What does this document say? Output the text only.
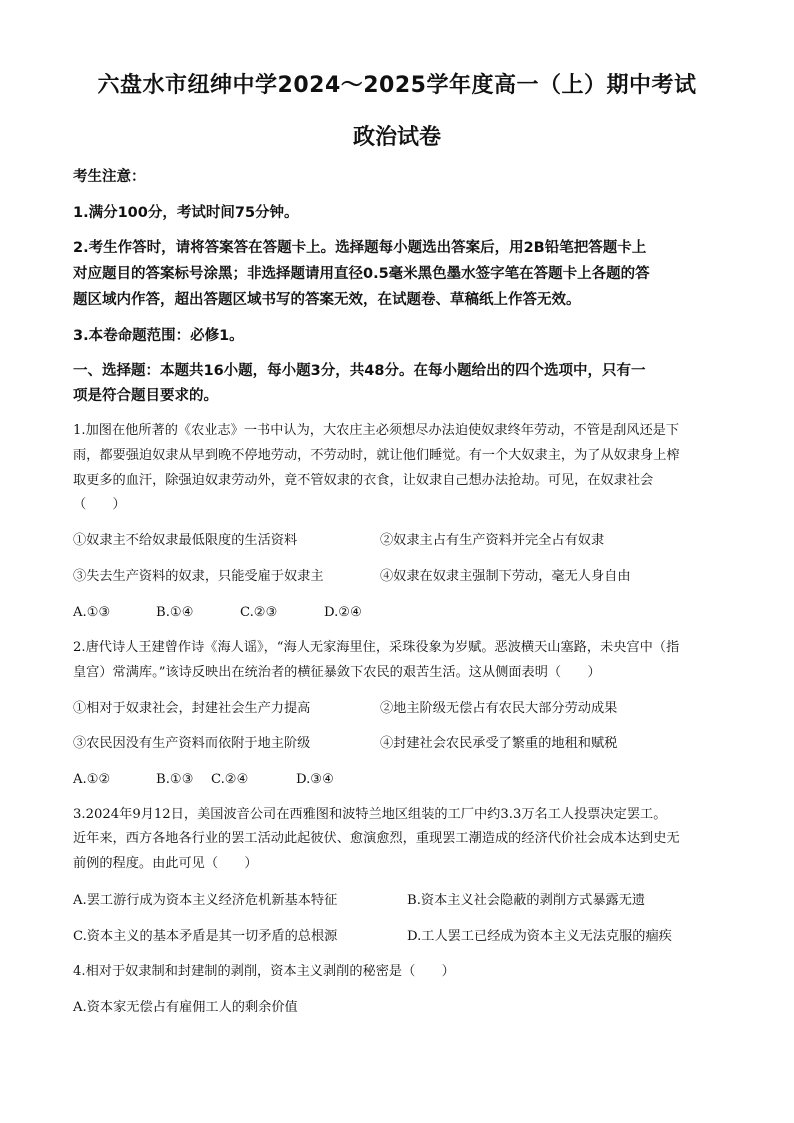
六盘水市纽绅中学2024～2025学年度高一（上）期中考试
政治试卷
考生注意：
1.满分100分，考试时间75分钟。
2.考生作答时，请将答案答在答题卡上。选择题每小题选出答案后，用2B铅笔把答题卡上
对应题目的答案标号涂黑；非选择题请用直径0.5毫米黑色墨水签字笔在答题卡上各题的答
题区域内作答，超出答题区域书写的答案无效，在试题卷、草稿纸上作答无效。
3.本卷命题范围：必修1。
一、选择题：本题共16小题，每小题3分，共48分。在每小题给出的四个选项中，只有一
项是符合题目要求的。
1.加图在他所著的《农业志》一书中认为，大农庄主必须想尽办法迫使奴隶终年劳动，不管是刮风还是下
雨，都要强迫奴隶从早到晚不停地劳动，不劳动时，就让他们睡觉。有一个大奴隶主，为了从奴隶身上榨
取更多的血汗，除强迫奴隶劳动外，竟不管奴隶的衣食，让奴隶自己想办法抢劫。可见，在奴隶社会
（　　）
①奴隶主不给奴隶最低限度的生活资料	②奴隶主占有生产资料并完全占有奴隶
③失去生产资料的奴隶，只能受雇于奴隶主	④奴隶在奴隶主强制下劳动，毫无人身自由
A.①③	B.①④	C.②③	D.②④
2.唐代诗人王建曾作诗《海人谣》，“海人无家海里住，采珠役象为岁赋。恶波横天山塞路，未央宫中（指
皇宫）常满库。”该诗反映出在统治者的横征暴敛下农民的艰苦生活。这从侧面表明（　　）
①相对于奴隶社会，封建社会生产力提高	②地主阶级无偿占有农民大部分劳动成果
③农民因没有生产资料而依附于地主阶级	④封建社会农民承受了繁重的地租和赋税
A.①②	B.①③ C.②④	D.③④
3.2024年9月12日，美国波音公司在西雅图和波特兰地区组装的工厂中约3.3万名工人投票决定罢工。
近年来，西方各地各行业的罢工活动此起彼伏、愈演愈烈，重现罢工潮造成的经济代价社会成本达到史无
前例的程度。由此可见（　　）
A.罢工游行成为资本主义经济危机新基本特征	B.资本主义社会隐蔽的剥削方式暴露无遗
C.资本主义的基本矛盾是其一切矛盾的总根源	D.工人罢工已经成为资本主义无法克服的痼疾
4.相对于奴隶制和封建制的剥削，资本主义剥削的秘密是（　　）
A.资本家无偿占有雇佣工人的剩余价值
